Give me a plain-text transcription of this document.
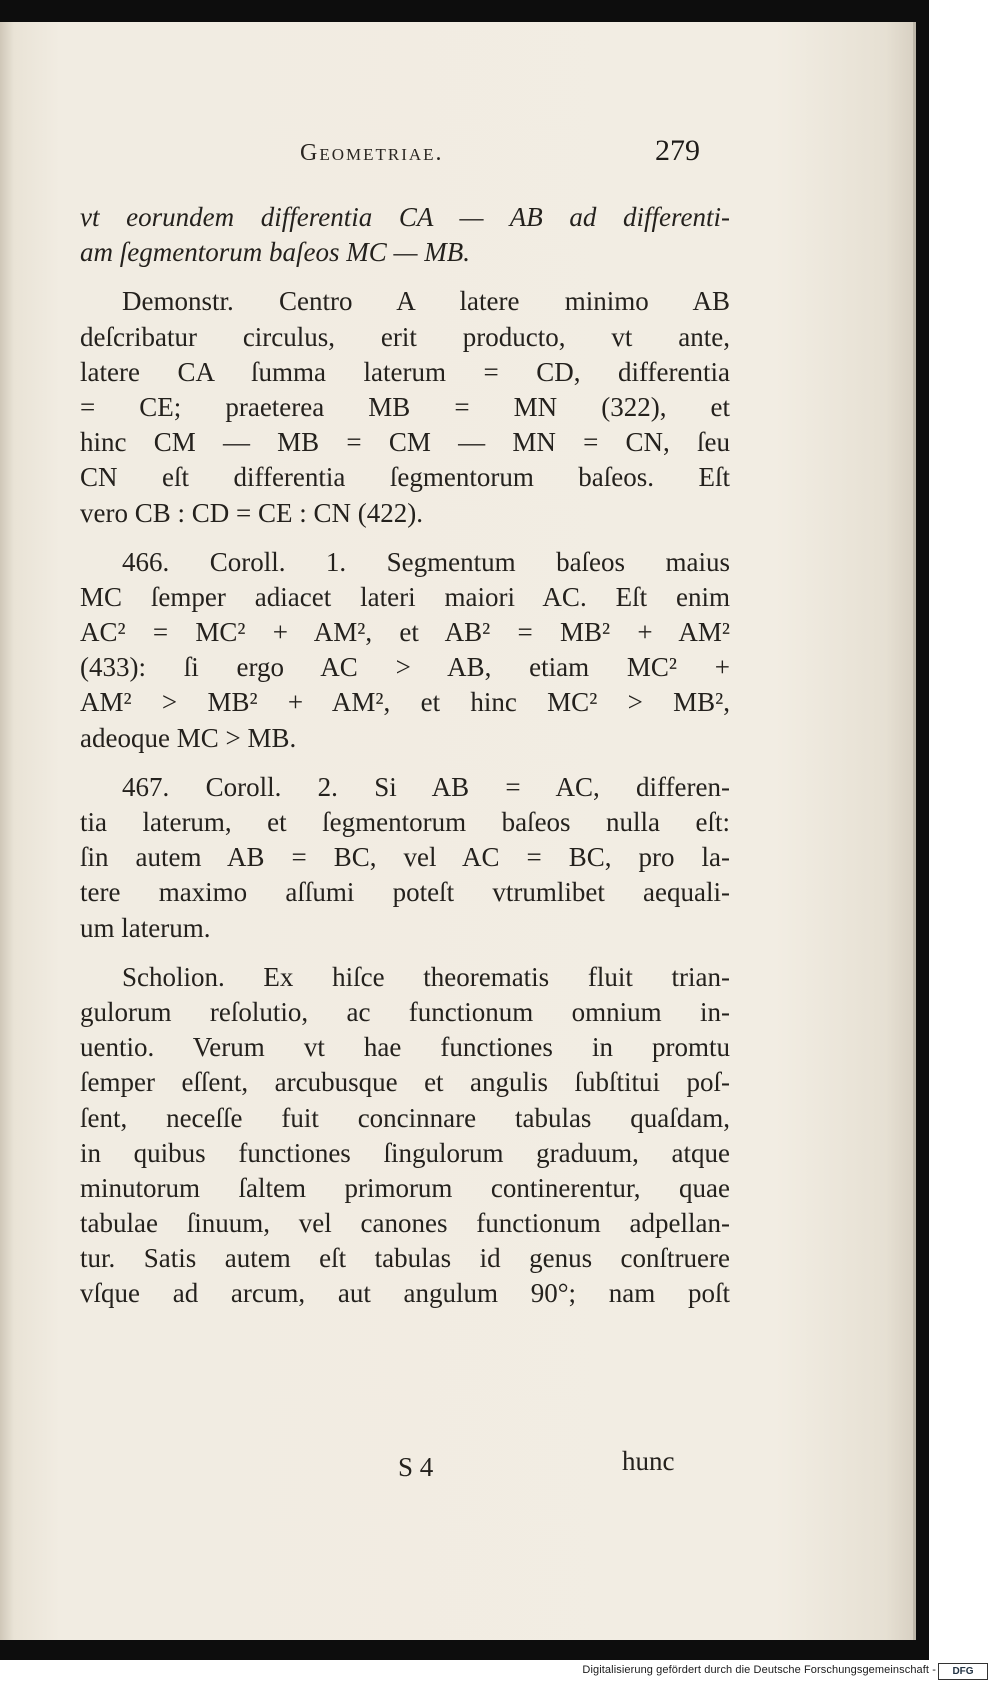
Geometriae.	279
vt eorundem differentia CA — AB ad differenti-
am ſegmentorum baſeos MC — MB.
Demonstr. Centro A latere minimo AB
deſcribatur circulus, erit producto, vt ante,
latere CA ſumma laterum = CD, differentia
= CE; praeterea MB = MN (322), et
hinc CM — MB = CM — MN = CN, ſeu
CN eſt differentia ſegmentorum baſeos. Eſt
vero CB : CD = CE : CN (422).
466. Coroll. 1. Segmentum baſeos maius
MC ſemper adiacet lateri maiori AC. Eſt enim
AC² = MC² + AM², et AB² = MB² + AM²
(433): ſi ergo AC > AB, etiam MC² +
AM² > MB² + AM², et hinc MC² > MB²,
adeoque MC > MB.
467. Coroll. 2. Si AB = AC, differen-
tia laterum, et ſegmentorum baſeos nulla eſt:
ſin autem AB = BC, vel AC = BC, pro la-
tere maximo aſſumi poteſt vtrumlibet aequali-
um laterum.
Scholion. Ex hiſce theorematis fluit trian-
gulorum reſolutio, ac functionum omnium in-
uentio. Verum vt hae functiones in promtu
ſemper eſſent, arcubusque et angulis ſubſtitui poſ-
ſent, neceſſe fuit concinnare tabulas quaſdam,
in quibus functiones ſingulorum graduum, atque
minutorum ſaltem primorum continerentur, quae
tabulae ſinuum, vel canones functionum adpellan-
tur. Satis autem eſt tabulas id genus conſtruere
vſque ad arcum, aut angulum 90°; nam poſt
S 4	hunc
Digitalisierung gefördert durch die Deutsche Forschungsgemeinschaft -	DFG
